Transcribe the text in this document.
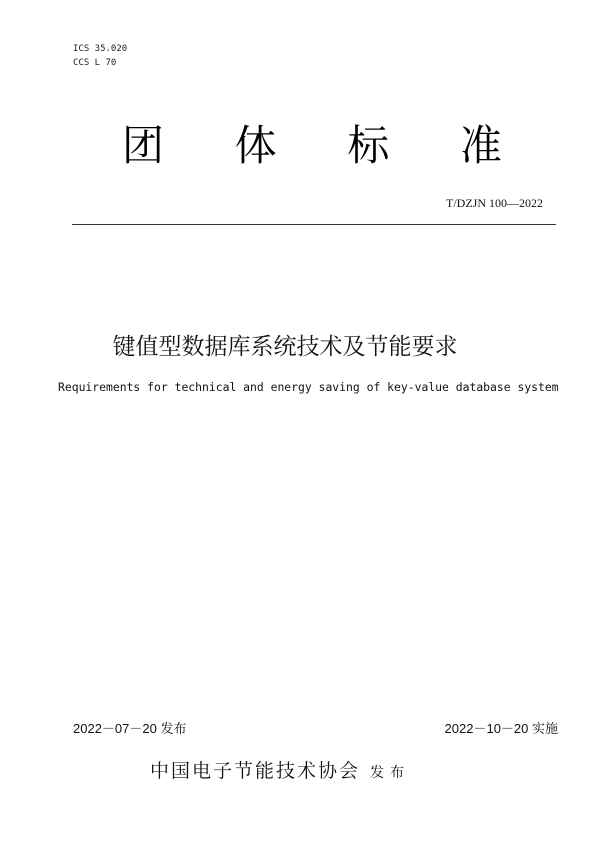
ICS 35.020
CCS L 70
团 体 标 准
T/DZJN 100—2022
键值型数据库系统技术及节能要求
Requirements for technical and energy saving of key-value database system
2022－07－20 发布	2022－10－20 实施
中国电子节能技术协会 发布
